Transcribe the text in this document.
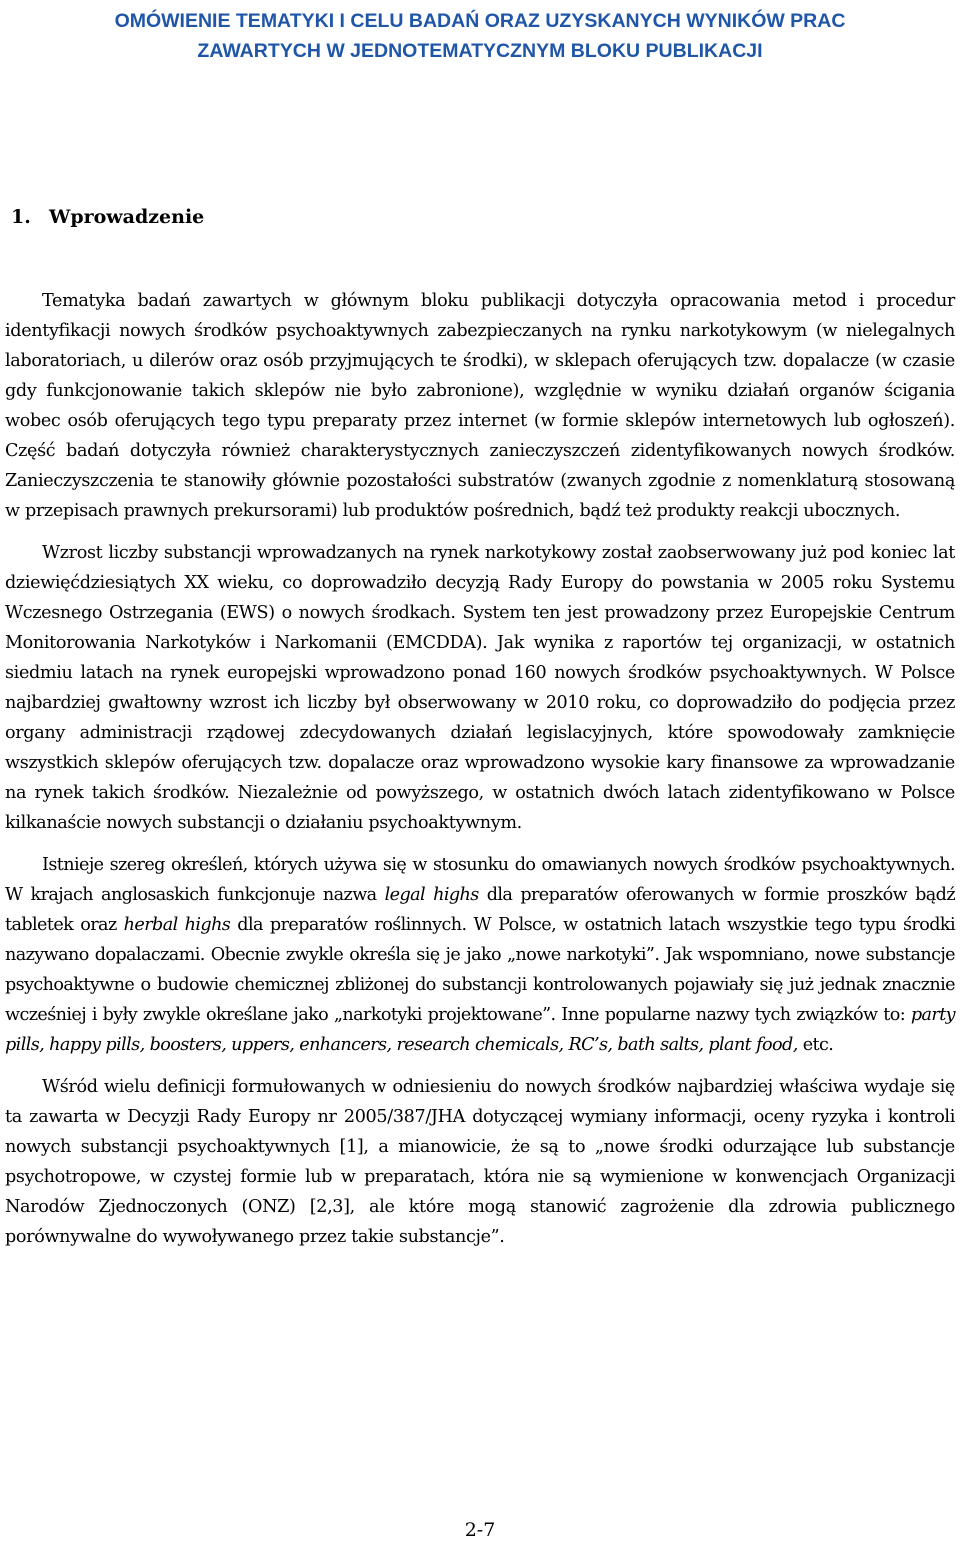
OMÓWIENIE TEMATYKI I CELU BADAŃ ORAZ UZYSKANYCH WYNIKÓW PRAC
ZAWARTYCH W JEDNOTEMATYCZNYM BLOKU PUBLIKACJI
1. Wprowadzenie

Tematyka badań zawartych w głównym bloku publikacji dotyczyła opracowania metod i procedur identyfikacji nowych środków psychoaktywnych zabezpieczanych na rynku narkotykowym (w nielegalnych laboratoriach, u dilerów oraz osób przyjmujących te środki), w sklepach oferujących tzw. dopalacze (w czasie gdy funkcjonowanie takich sklepów nie było zabronione), względnie w wyniku działań organów ścigania wobec osób oferujących tego typu preparaty przez internet (w formie sklepów internetowych lub ogłoszeń). Część badań dotyczyła również charakterystycznych zanieczyszczeń zidentyfikowanych nowych środków. Zanieczyszczenia te stanowiły głównie pozostałości substratów (zwanych zgodnie z nomenklaturą stosowaną w przepisach prawnych prekursorami) lub produktów pośrednich, bądź też produkty reakcji ubocznych.

Wzrost liczby substancji wprowadzanych na rynek narkotykowy został zaobserwowany już pod koniec lat dziewięćdziesiątych XX wieku, co doprowadziło decyzją Rady Europy do powstania w 2005 roku Systemu Wczesnego Ostrzegania (EWS) o nowych środkach. System ten jest prowadzony przez Europejskie Centrum Monitorowania Narkotyków i Narkomanii (EMCDDA). Jak wynika z raportów tej organizacji, w ostatnich siedmiu latach na rynek europejski wprowadzono ponad 160 nowych środków psychoaktywnych. W Polsce najbardziej gwałtowny wzrost ich liczby był obserwowany w 2010 roku, co doprowadziło do podjęcia przez organy administracji rządowej zdecydowanych działań legislacyjnych, które spowodowały zamknięcie wszystkich sklepów oferujących tzw. dopalacze oraz wprowadzono wysokie kary finansowe za wprowadzanie na rynek takich środków. Niezależnie od powyższego, w ostatnich dwóch latach zidentyfikowano w Polsce kilkanaście nowych substancji o działaniu psychoaktywnym.

Istnieje szereg określeń, których używa się w stosunku do omawianych nowych środków psychoaktywnych. W krajach anglosaskich funkcjonuje nazwa legal highs dla preparatów oferowanych w formie proszków bądź tabletek oraz herbal highs dla preparatów roślinnych. W Polsce, w ostatnich latach wszystkie tego typu środki nazywano dopalaczami. Obecnie zwykle określa się je jako „nowe narkotyki”. Jak wspomniano, nowe substancje psychoaktywne o budowie chemicznej zbliżonej do substancji kontrolowanych pojawiały się już jednak znacznie wcześniej i były zwykle określane jako „narkotyki projektowane”. Inne popularne nazwy tych związków to: party pills, happy pills, boosters, uppers, enhancers, research chemicals, RC’s, bath salts, plant food, etc.

Wśród wielu definicji formułowanych w odniesieniu do nowych środków najbardziej właściwa wydaje się ta zawarta w Decyzji Rady Europy nr 2005/387/JHA dotyczącej wymiany informacji, oceny ryzyka i kontroli nowych substancji psychoaktywnych [1], a mianowicie, że są to „nowe środki odurzające lub substancje psychotropowe, w czystej formie lub w preparatach, która nie są wymienione w konwencjach Organizacji Narodów Zjednoczonych (ONZ) [2,3], ale które mogą stanowić zagrożenie dla zdrowia publicznego porównywalne do wywoływanego przez takie substancje”.

2-7
